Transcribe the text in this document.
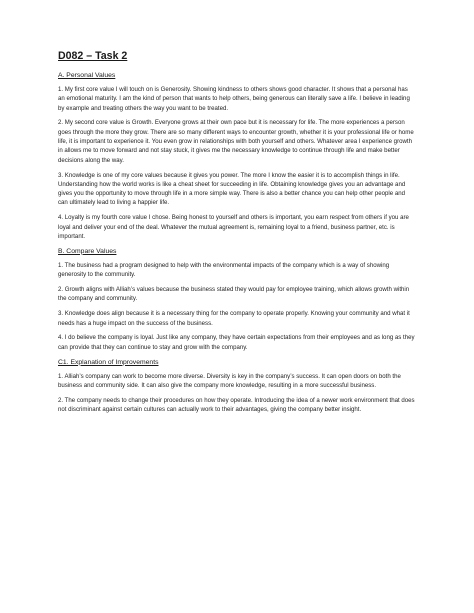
D082 – Task 2
A. Personal Values

1. My first core value I will touch on is Generosity. Showing kindness to others shows good character. It shows that a personal has an emotional maturity. I am the kind of person that wants to help others, being generous can literally save a life. I believe in leading by example and treating others the way you want to be treated.

2. My second core value is Growth. Everyone grows at their own pace but it is necessary for life. The more experiences a person goes through the more they grow. There are so many different ways to encounter growth, whether it is your professional life or home life, it is important to experience it. You even grow in relationships with both yourself and others. Whatever area I experience growth in allows me to move forward and not stay stuck, it gives me the necessary knowledge to continue through life and make better decisions along the way.

3. Knowledge is one of my core values because it gives you power. The more I know the easier it is to accomplish things in life. Understanding how the world works is like a cheat sheet for succeeding in life. Obtaining knowledge gives you an advantage and gives you the opportunity to move through life in a more simple way. There is also a better chance you can help other people and can ultimately lead to living a happier life.

4. Loyalty is my fourth core value I chose. Being honest to yourself and others is important, you earn respect from others if you are loyal and deliver your end of the deal. Whatever the mutual agreement is, remaining loyal to a friend, business partner, etc. is important.

B. Compare Values

1. The business had a program designed to help with the environmental impacts of the company which is a way of showing generosity to the community.

2. Growth aligns with Alliah’s values because the business stated they would pay for employee training, which allows growth within the company and community.

3. Knowledge does align because it is a necessary thing for the company to operate properly. Knowing your community and what it needs has a huge impact on the success of the business.

4. I do believe the company is loyal. Just like any company, they have certain expectations from their employees and as long as they can provide that they can continue to stay and grow with the company.

C1. Explanation of Improvements

1. Alliah’s company can work to become more diverse. Diversity is key in the company’s success. It can open doors on both the business and community side. It can also give the company more knowledge, resulting in a more successful business.

2. The company needs to change their procedures on how they operate. Introducing the idea of a newer work environment that does not discriminant against certain cultures can actually work to their advantages, giving the company better insight.
